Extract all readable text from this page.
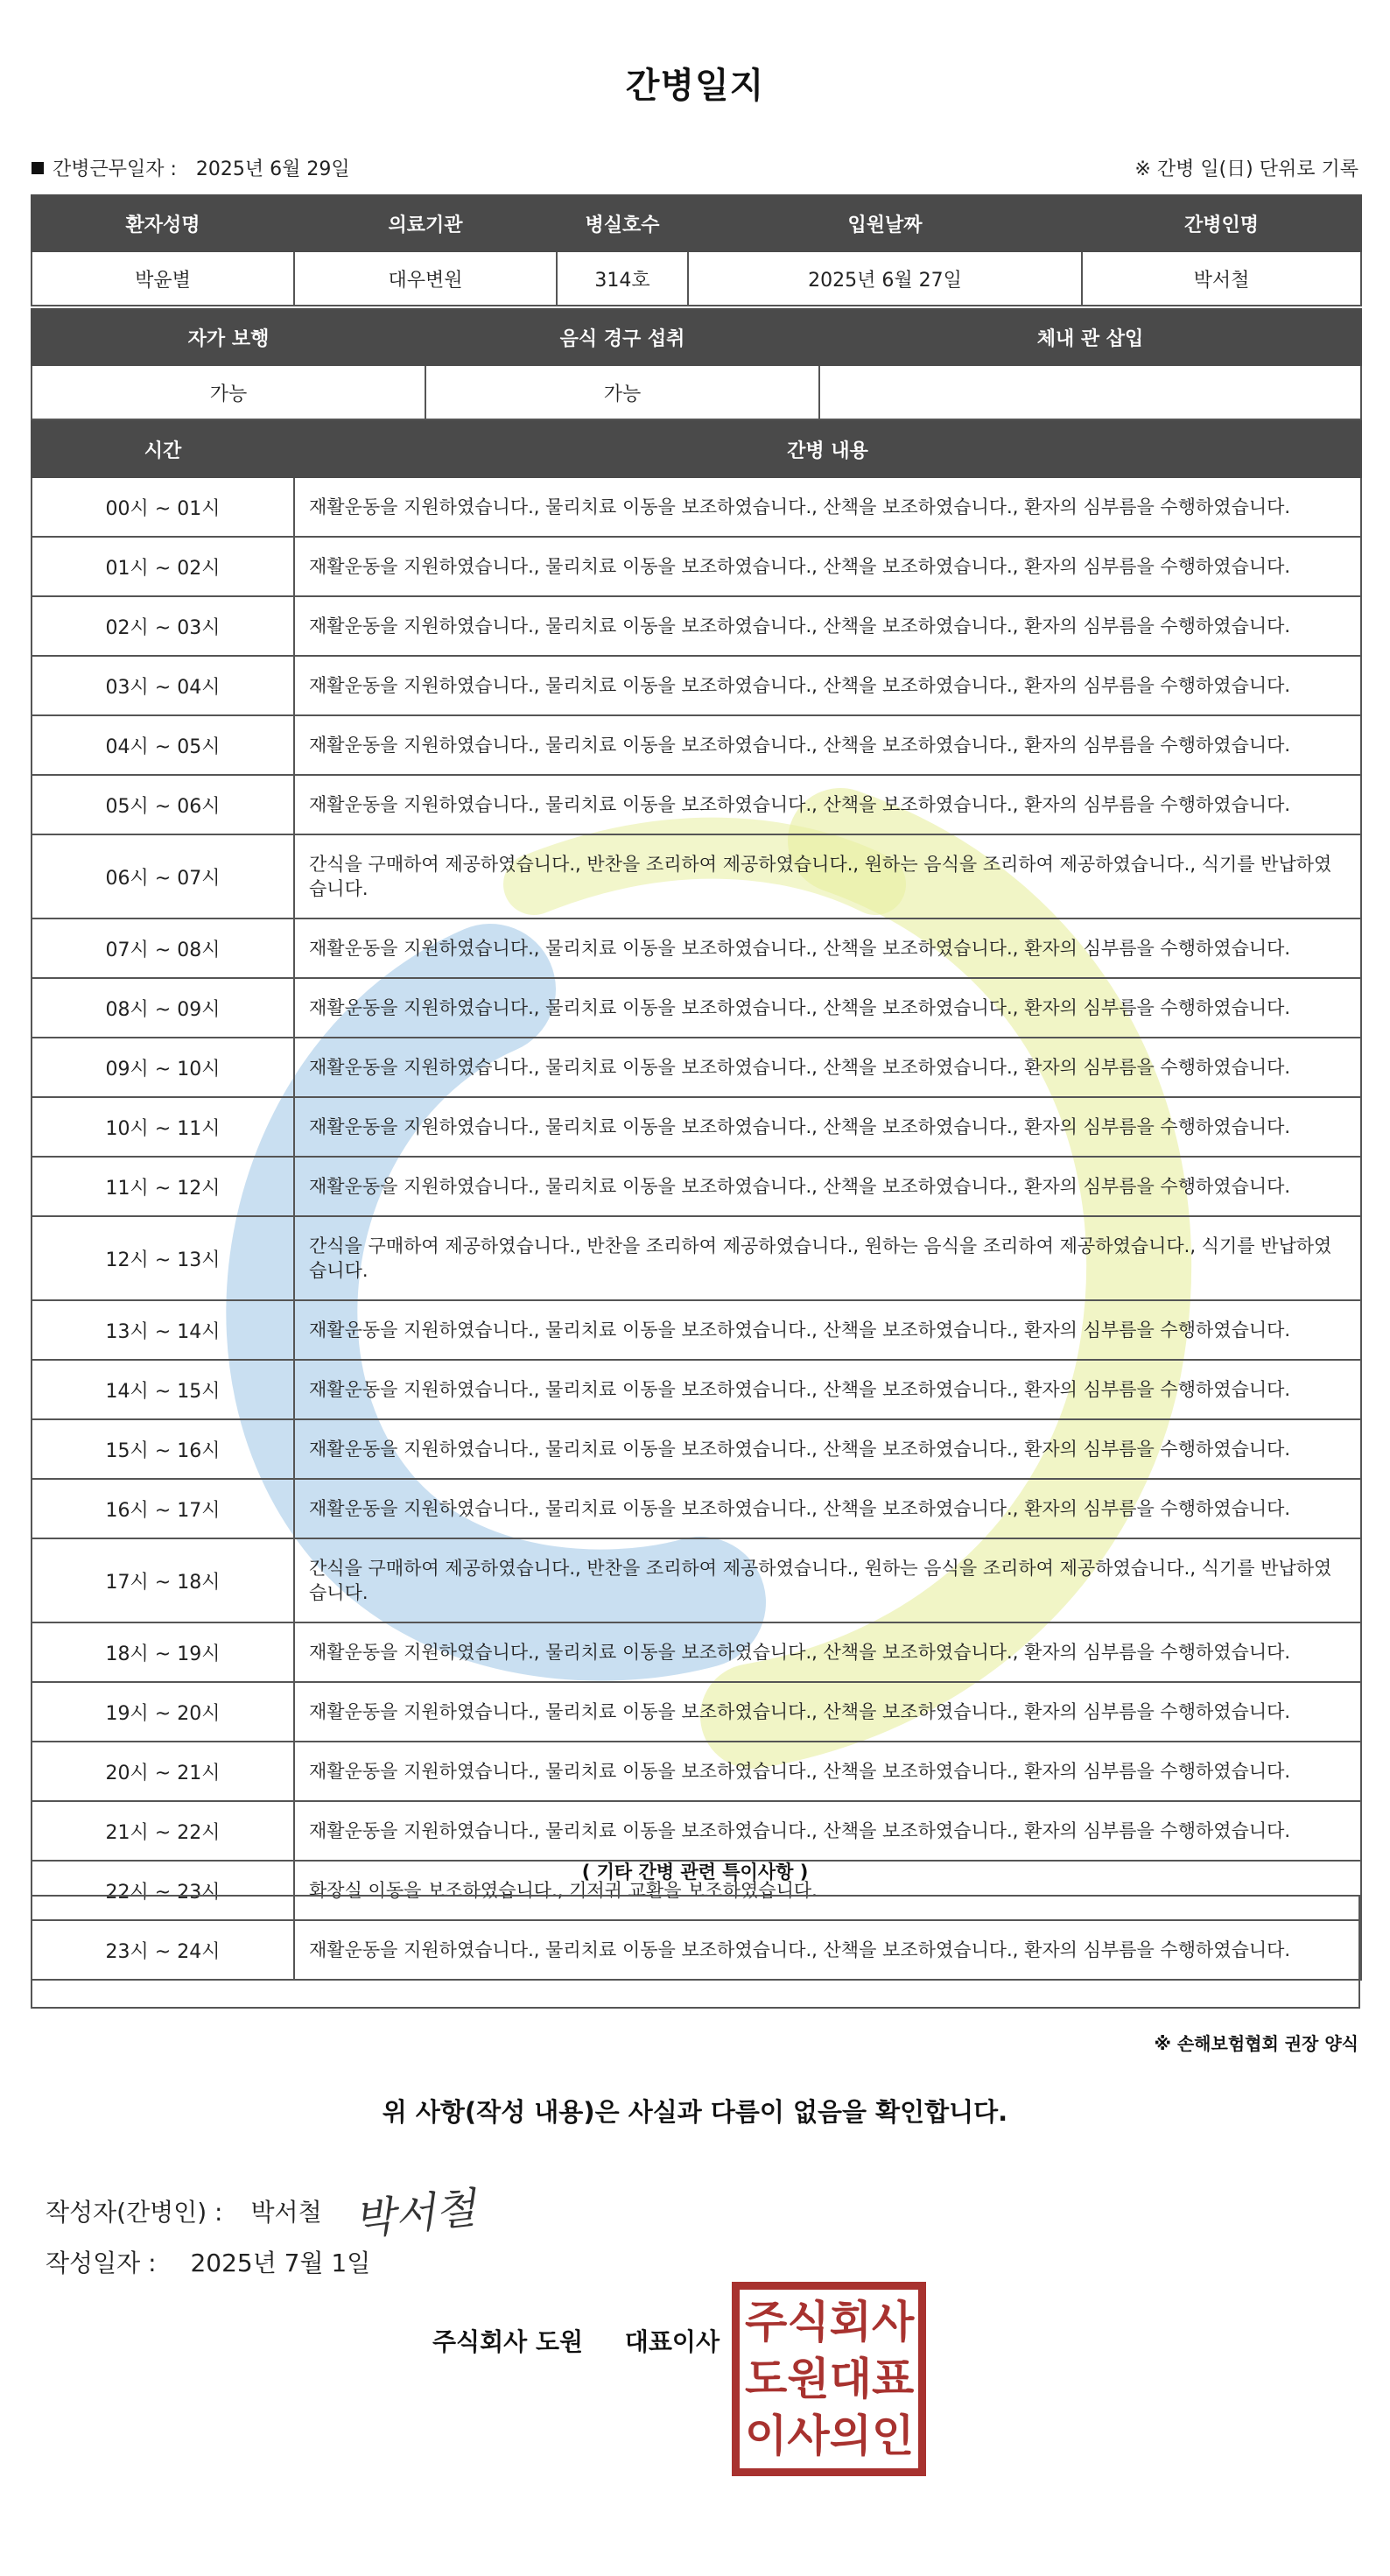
간병일지
간병근무일자 : 2025년 6월 29일	※ 간병 일(日) 단위로 기록
환자성명	의료기관	병실호수	입원날짜	간병인명
박윤별	대우변원	314호	2025년 6월 27일	박서철
자가 보행	음식 경구 섭취	체내 관 삽입
가능	가능	
시간	간병 내용
00시 ~ 01시	재활운동을 지원하였습니다., 물리치료 이동을 보조하였습니다., 산책을 보조하였습니다., 환자의 심부름을 수행하였습니다.
01시 ~ 02시	재활운동을 지원하였습니다., 물리치료 이동을 보조하였습니다., 산책을 보조하였습니다., 환자의 심부름을 수행하였습니다.
02시 ~ 03시	재활운동을 지원하였습니다., 물리치료 이동을 보조하였습니다., 산책을 보조하였습니다., 환자의 심부름을 수행하였습니다.
03시 ~ 04시	재활운동을 지원하였습니다., 물리치료 이동을 보조하였습니다., 산책을 보조하였습니다., 환자의 심부름을 수행하였습니다.
04시 ~ 05시	재활운동을 지원하였습니다., 물리치료 이동을 보조하였습니다., 산책을 보조하였습니다., 환자의 심부름을 수행하였습니다.
05시 ~ 06시	재활운동을 지원하였습니다., 물리치료 이동을 보조하였습니다., 산책을 보조하였습니다., 환자의 심부름을 수행하였습니다.
06시 ~ 07시	간식을 구매하여 제공하였습니다., 반찬을 조리하여 제공하였습니다., 원하는 음식을 조리하여 제공하였습니다., 식기를 반납하였습니다.
07시 ~ 08시	재활운동을 지원하였습니다., 물리치료 이동을 보조하였습니다., 산책을 보조하였습니다., 환자의 심부름을 수행하였습니다.
08시 ~ 09시	재활운동을 지원하였습니다., 물리치료 이동을 보조하였습니다., 산책을 보조하였습니다., 환자의 심부름을 수행하였습니다.
09시 ~ 10시	재활운동을 지원하였습니다., 물리치료 이동을 보조하였습니다., 산책을 보조하였습니다., 환자의 심부름을 수행하였습니다.
10시 ~ 11시	재활운동을 지원하였습니다., 물리치료 이동을 보조하였습니다., 산책을 보조하였습니다., 환자의 심부름을 수행하였습니다.
11시 ~ 12시	재활운동을 지원하였습니다., 물리치료 이동을 보조하였습니다., 산책을 보조하였습니다., 환자의 심부름을 수행하였습니다.
12시 ~ 13시	간식을 구매하여 제공하였습니다., 반찬을 조리하여 제공하였습니다., 원하는 음식을 조리하여 제공하였습니다., 식기를 반납하였습니다.
13시 ~ 14시	재활운동을 지원하였습니다., 물리치료 이동을 보조하였습니다., 산책을 보조하였습니다., 환자의 심부름을 수행하였습니다.
14시 ~ 15시	재활운동을 지원하였습니다., 물리치료 이동을 보조하였습니다., 산책을 보조하였습니다., 환자의 심부름을 수행하였습니다.
15시 ~ 16시	재활운동을 지원하였습니다., 물리치료 이동을 보조하였습니다., 산책을 보조하였습니다., 환자의 심부름을 수행하였습니다.
16시 ~ 17시	재활운동을 지원하였습니다., 물리치료 이동을 보조하였습니다., 산책을 보조하였습니다., 환자의 심부름을 수행하였습니다.
17시 ~ 18시	간식을 구매하여 제공하였습니다., 반찬을 조리하여 제공하였습니다., 원하는 음식을 조리하여 제공하였습니다., 식기를 반납하였습니다.
18시 ~ 19시	재활운동을 지원하였습니다., 물리치료 이동을 보조하였습니다., 산책을 보조하였습니다., 환자의 심부름을 수행하였습니다.
19시 ~ 20시	재활운동을 지원하였습니다., 물리치료 이동을 보조하였습니다., 산책을 보조하였습니다., 환자의 심부름을 수행하였습니다.
20시 ~ 21시	재활운동을 지원하였습니다., 물리치료 이동을 보조하였습니다., 산책을 보조하였습니다., 환자의 심부름을 수행하였습니다.
21시 ~ 22시	재활운동을 지원하였습니다., 물리치료 이동을 보조하였습니다., 산책을 보조하였습니다., 환자의 심부름을 수행하였습니다.
22시 ~ 23시	화장실 이동을 보조하였습니다., 기저귀 교환을 보조하였습니다.
23시 ~ 24시	재활운동을 지원하였습니다., 물리치료 이동을 보조하였습니다., 산책을 보조하였습니다., 환자의 심부름을 수행하였습니다.
( 기타 간병 관련 특이사항 )
※ 손해보험협회 권장 양식
위 사항(작성 내용)은 사실과 다름이 없음을 확인합니다.
작성자(간병인) : 박서철 박서철
작성일자 : 2025년 7월 1일
주식회사 도원 대표이사 주 식 회 사
도 원 대 표
이 사 의 인
